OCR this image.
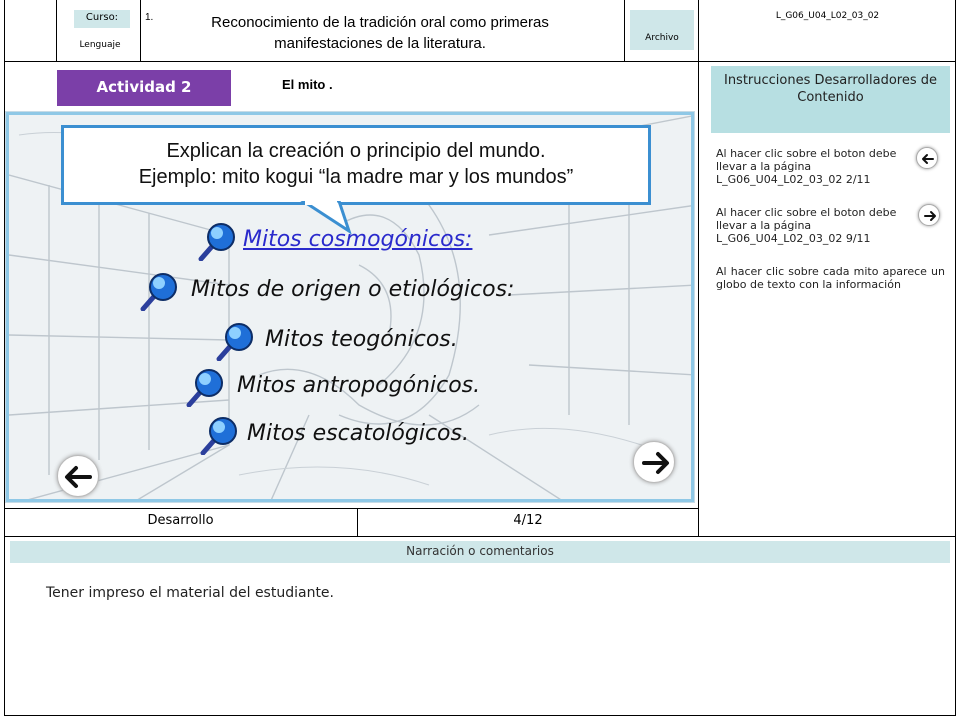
Curso:
Lenguaje
1.	Reconocimiento de la tradición oral como primeras manifestaciones de la literatura.	Archivo
L_G06_U04_L02_03_02
Actividad 2	El mito .
Explican la creación o principio del mundo.
Ejemplo: mito kogui “la madre mar y los mundos”
Mitos cosmogónicos:
Mitos de origen o etiológicos:
Mitos teogónicos.
Mitos antropogónicos.
Mitos escatológicos.
Instrucciones Desarrolladores de Contenido
Al hacer clic sobre el boton debe llevar a la página L_G06_U04_L02_03_02 2/11
Al hacer clic sobre el boton debe llevar a la página L_G06_U04_L02_03_02 9/11
Al hacer clic sobre cada mito aparece un globo de texto con la información
Desarrollo	4/12
Narración o comentarios
Tener impreso el material del estudiante.
